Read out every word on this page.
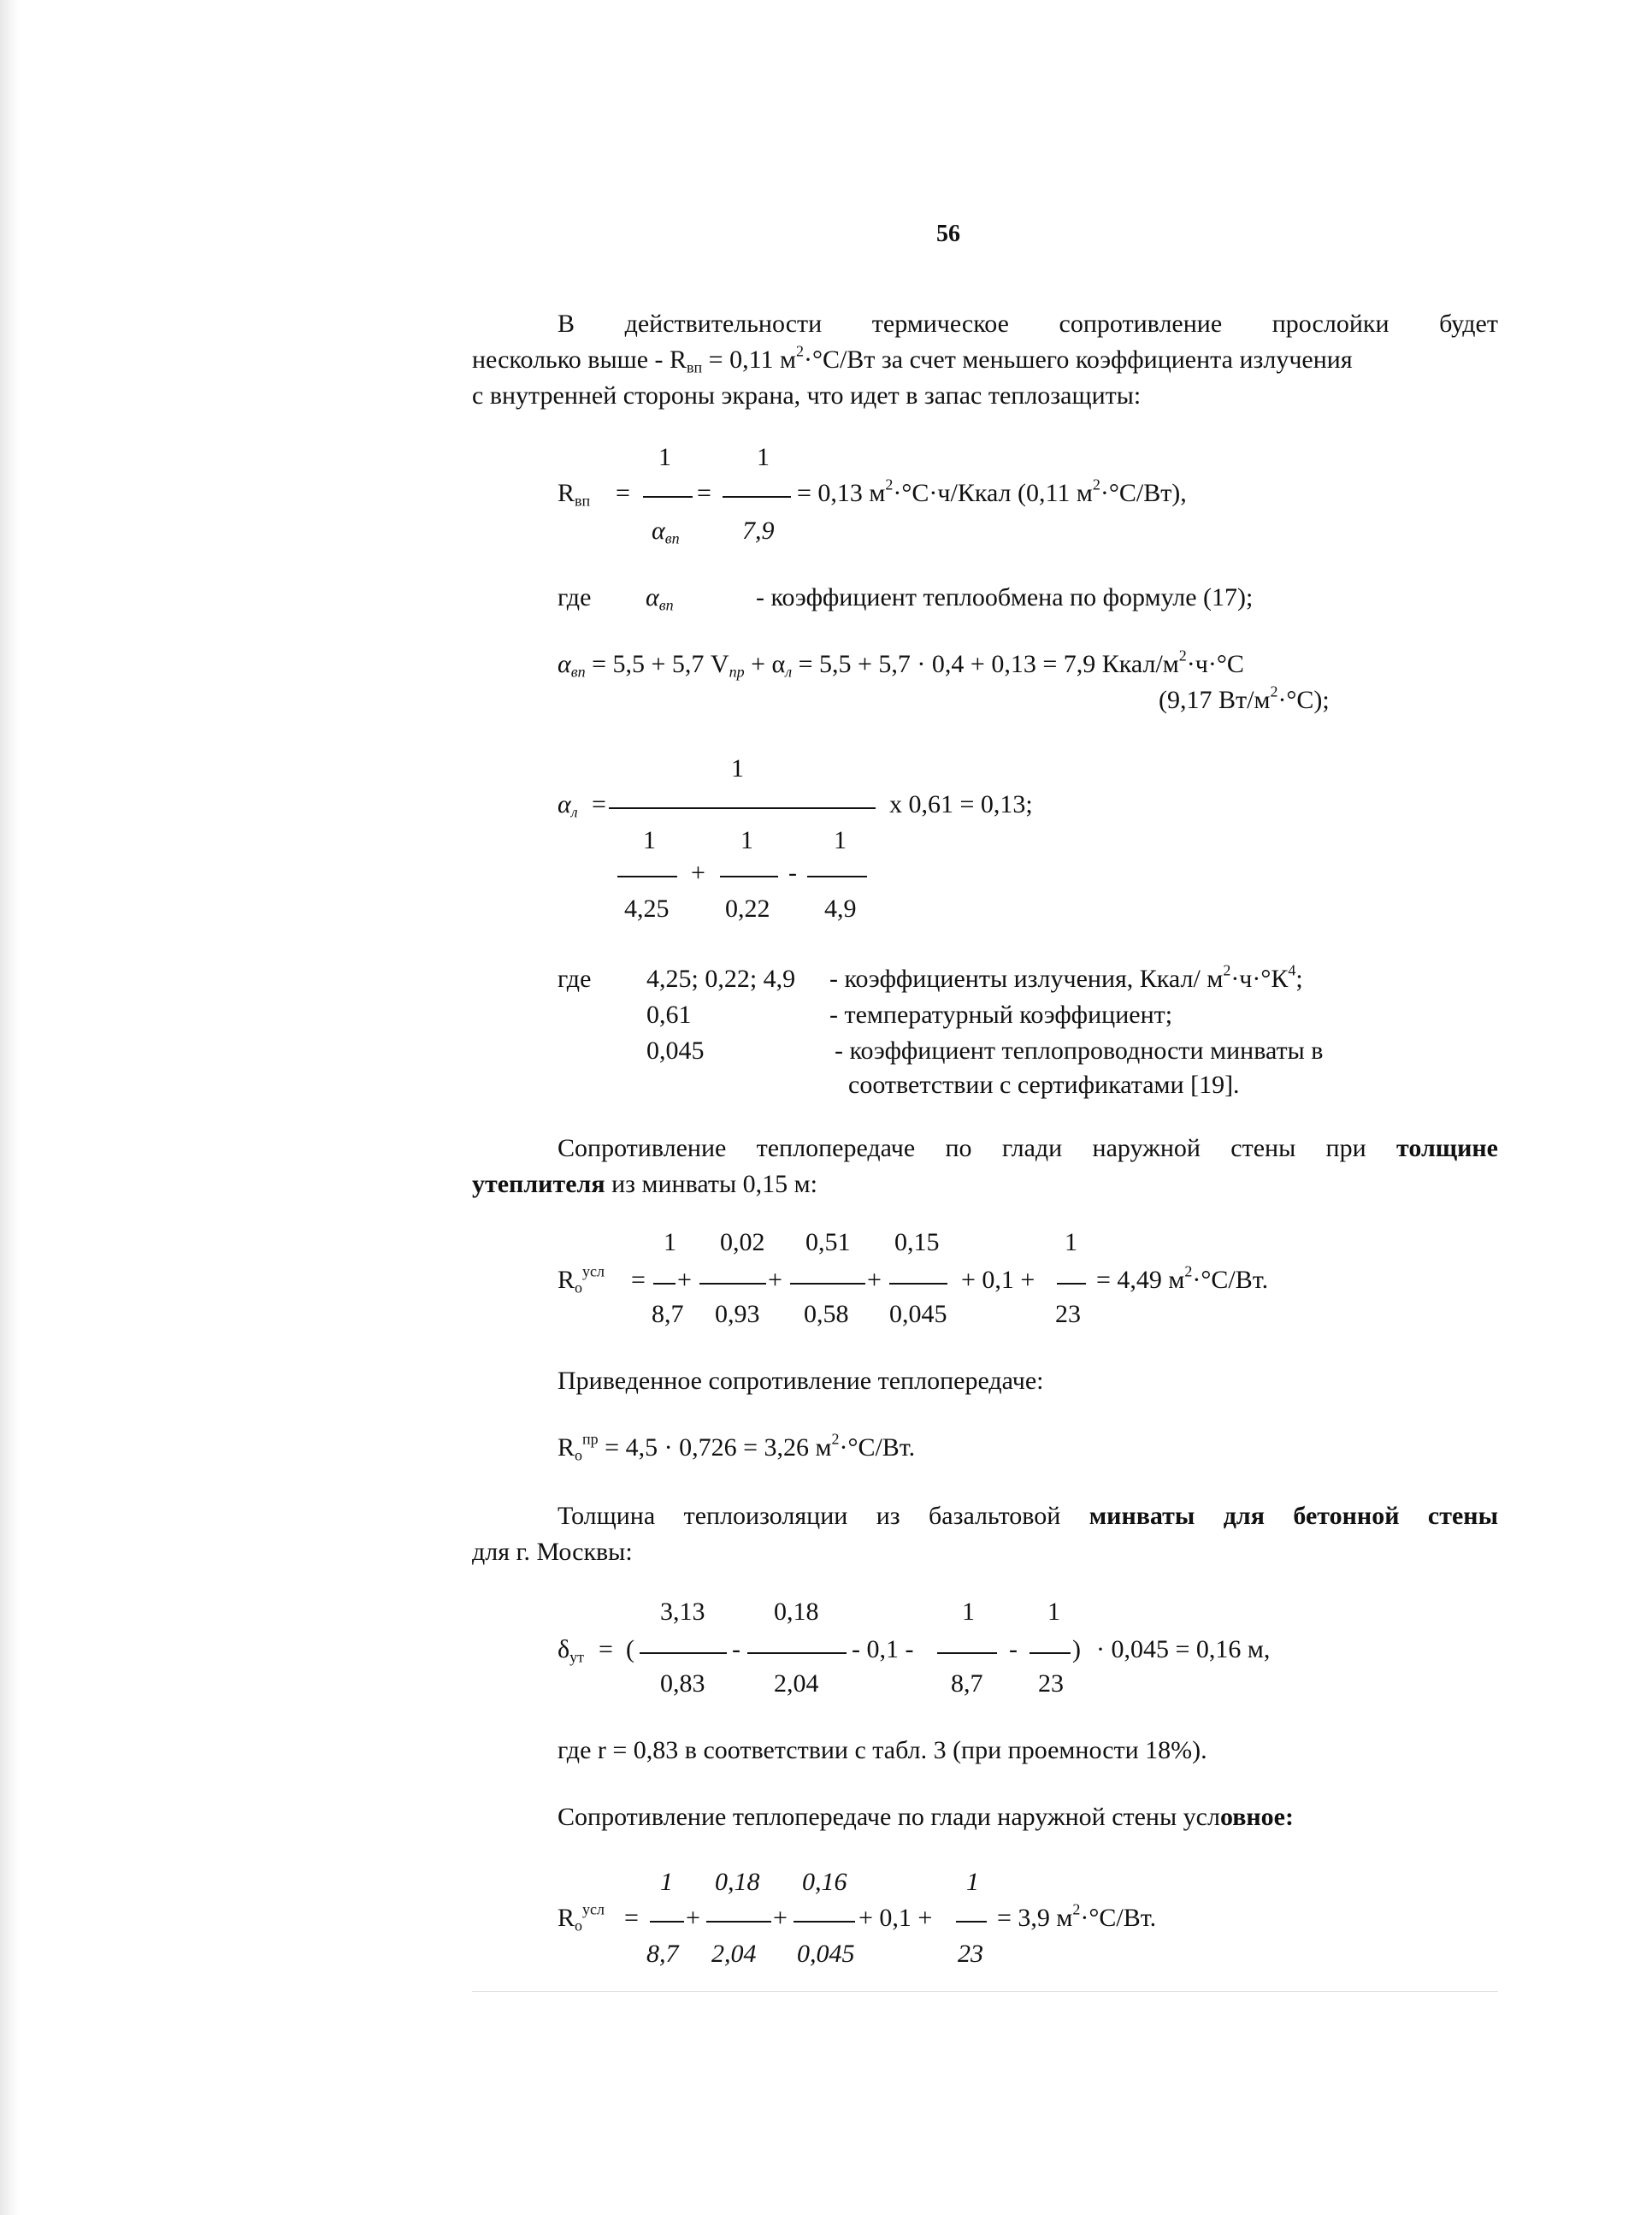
56
В действительности термическое сопротивление прослойки будет
несколько выше - $R_{вп} = 0,11$ $м^2\cdot^\circ С/Вт$ за счет меньшего коэффициента излучения
с внутренней стороны экрана, что идет в запас теплозащиты:
1	1
$R_{вп}$ =	=	= 0,13 $м^2\cdot^\circ С\cdot ч$/Ккал (0,11 $м^2\cdot^\circ С/Вт$),
$\alpha_{вп}$ 7,9
где $\alpha_{вп}$	- коэффициент теплообмена по формуле (17);
$\alpha_{вп} = 5,5 + 5,7$ $V_{пр} + \alpha_л = 5,5 + 5,7 \cdot 0,4 + 0,13 = 7,9$ Ккал/$м^2\cdot ч\cdot^\circ С$
(9,17 $Вт/м^2\cdot^\circ С$);
1
$\alpha_л$ =	х 0,61 = 0,13;
1	1	1
+	-
4,25 0,22 4,9
где 4,25; 0,22; 4,9 - коэффициенты излучения, Ккал/ $м^2\cdot ч\cdot^\circ К^4$;
0,61	- температурный коэффициент;
0,045	- коэффициент теплопроводности минваты в
соответствии с сертификатами [19].
Сопротивление теплопередаче по глади наружной стены при толщине
утеплителя из минваты 0,15 м:
1 0,02 0,51 0,15	1
$R_о^{усл}$ = +	+	+	+ 0,1 + = 4,49 $м^2\cdot^\circ С/Вт$.
8,7 0,93 0,58 0,045	23
Приведенное сопротивление теплопередаче:
$R_о^{пр} = 4,5 \cdot 0,726 = 3,26$ $м^2\cdot^\circ С/Вт$.
Толщина теплоизоляции из базальтовой минваты для бетонной стены
для г. Москвы:
3,13	0,18	1	1
$\delta_{ут}$ = (	-	- 0,1 -	- ) · 0,045 = 0,16 м,
0,83	2,04	8,7 23
где r = 0,83 в соответствии с табл. 3 (при проемности 18%).
Сопротивление теплопередаче по глади наружной стены условное:
1 0,18 0,16	1
$R_о^{усл}$ = +	+	+ 0,1 +	= 3,9 $м^2\cdot^\circ С/Вт$.
8,7 2,04 0,045	23
